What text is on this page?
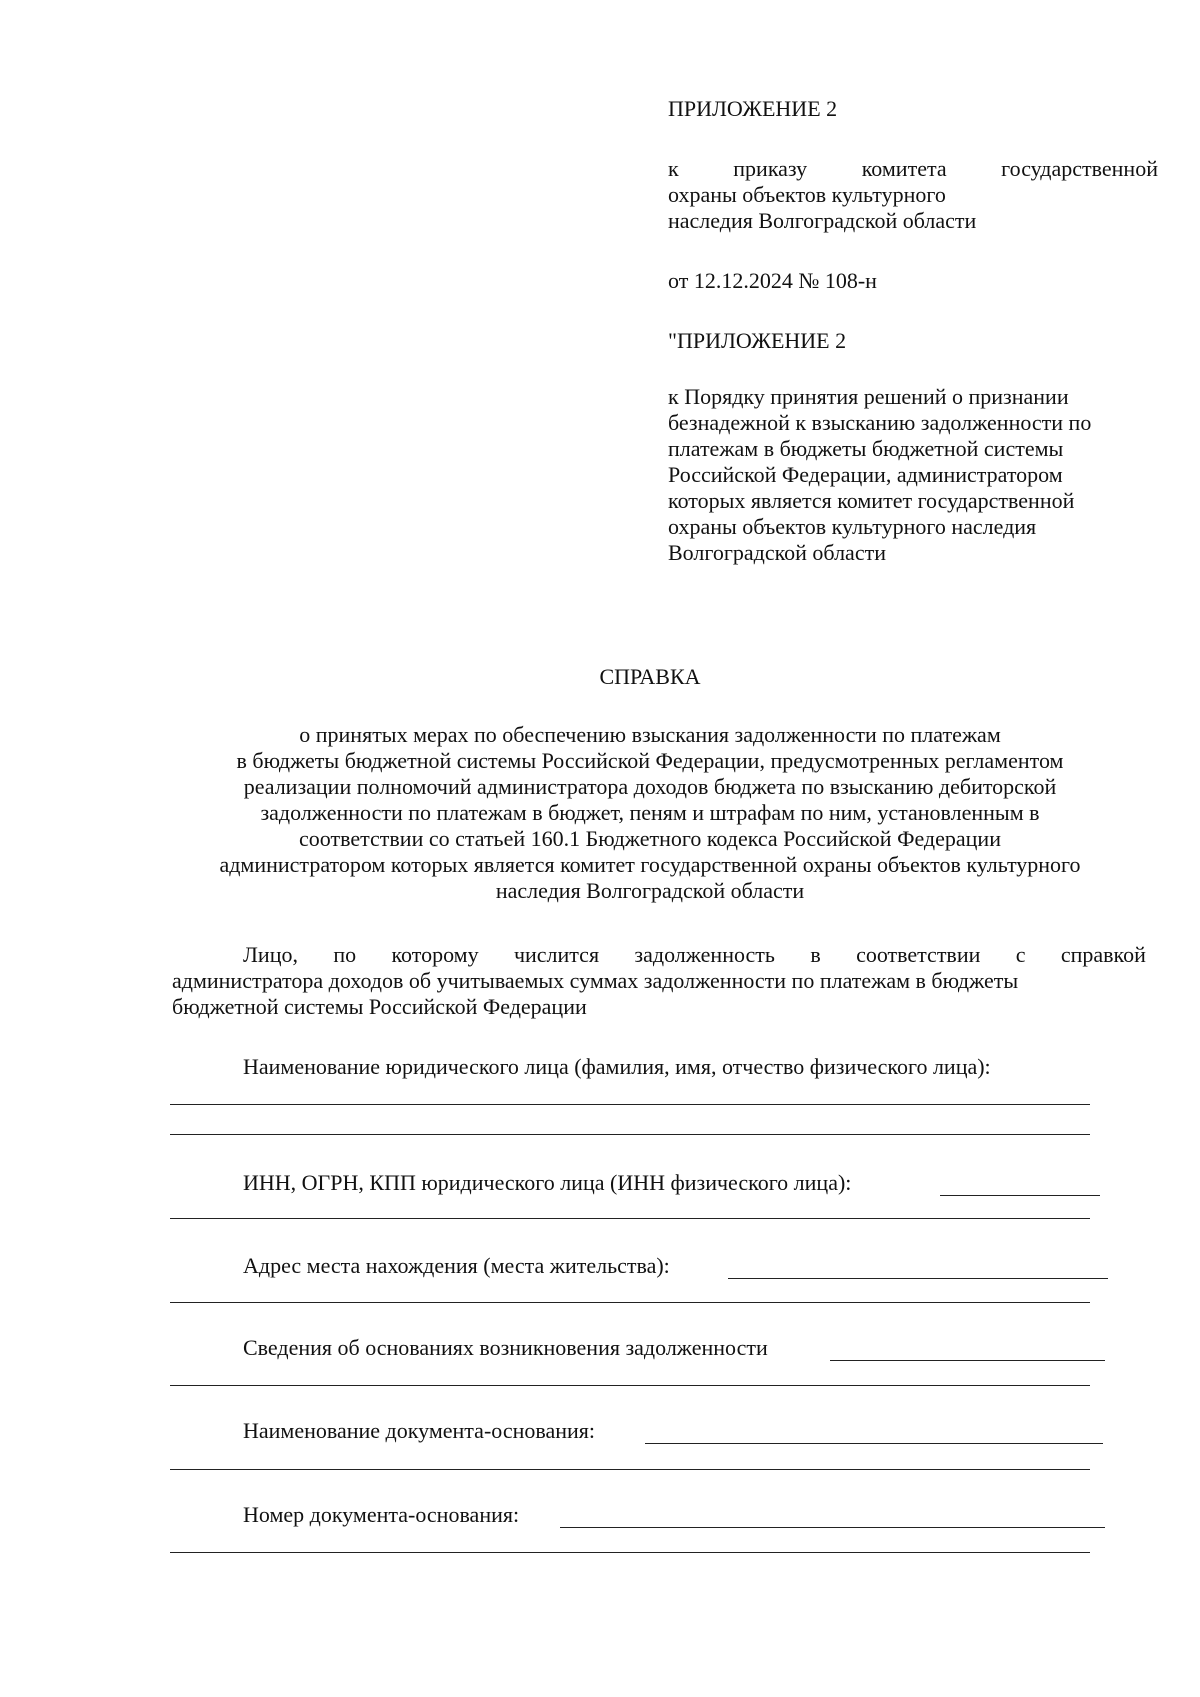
ПРИЛОЖЕНИЕ 2

к приказу комитета государственной

охраны объектов культурного

наследия Волгоградской области

от 12.12.2024 № 108-н

"ПРИЛОЖЕНИЕ 2

к Порядку принятия решений о признании

безнадежной к взысканию задолженности по

платежам в бюджеты бюджетной системы

Российской Федерации, администратором

которых является комитет государственной

охраны объектов культурного наследия

Волгоградской области

СПРАВКА
о принятых мерах по обеспечению взыскания задолженности по платежам
в бюджеты бюджетной системы Российской Федерации, предусмотренных регламентом
реализации полномочий администратора доходов бюджета по взысканию дебиторской
задолженности по платежам в бюджет, пеням и штрафам по ним, установленным в
соответствии со статьей 160.1 Бюджетного кодекса Российской Федерации
администратором которых является комитет государственной охраны объектов культурного
наследия Волгоградской области
Лицо, по которому числится задолженность в соответствии с справкой
администратора доходов об учитываемых суммах задолженности по платежам в бюджеты
бюджетной системы Российской Федерации
Наименование юридического лица (фамилия, имя, отчество физического лица):
ИНН, ОГРН, КПП юридического лица (ИНН физического лица):
Адрес места нахождения (места жительства):
Сведения об основаниях возникновения задолженности
Наименование документа-основания:
Номер документа-основания:
